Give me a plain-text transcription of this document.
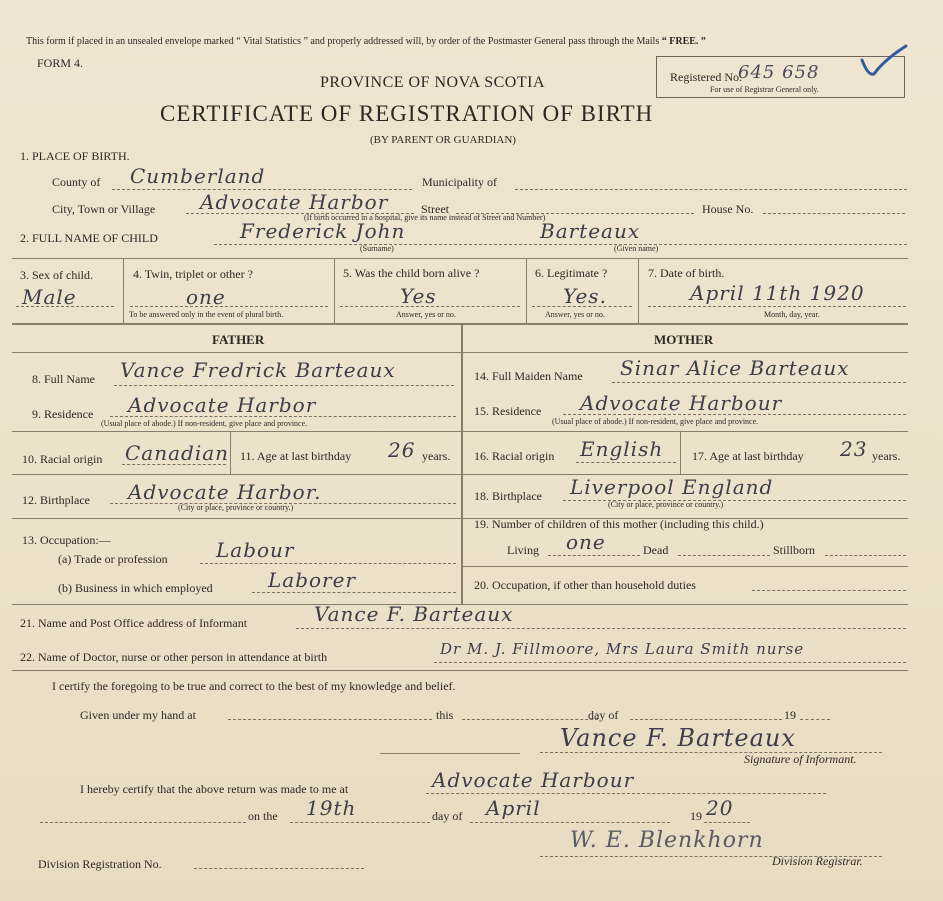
This form if placed in an unsealed envelope marked “ Vital Statistics ” and properly addressed will, by order of the Postmaster General pass through the Mails “ FREE. ”
FORM 4.
PROVINCE OF NOVA SCOTIA
CERTIFICATE OF REGISTRATION OF BIRTH
(BY PARENT OR GUARDIAN)
Registered No.
645 658
For use of Registrar General only.
1. PLACE OF BIRTH.
County of Cumberland	Municipality of
City, Town or Village Advocate Harbor	Street	House No.
(If birth occurred in a hospital, give its name instead of Street and Number)
2. FULL NAME OF CHILD	Frederick John	Barteaux
(Surname)	(Given name)
3. Sex of child.
Male
4. Twin, triplet or other ?
one
To be answered only in the event of plural birth.
5. Was the child born alive ?
Yes
Answer, yes or no.
6. Legitimate ?
Yes.
Answer, yes or no.
7. Date of birth.
April 11th 1920
Month, day, year.
FATHER	MOTHER
8. Full Name Vance Fredrick Barteaux
9. Residence Advocate Harbor
(Usual place of abode.) If non-resident, give place and province.
10. Racial origin Canadian 11. Age at last birthday 26 years.
12. Birthplace Advocate Harbor.
(City or place, province or country.)
13. Occupation:—
(a) Trade or profession Labour
(b) Business in which employed	Laborer
14. Full Maiden Name Sinar Alice Barteaux
15. Residence Advocate Harbour
(Usual place of abode.) If non-resident, give place and province.
16. Racial origin English 17. Age at last birthday 23 years.
18. Birthplace Liverpool England
(City or place, province or country.)
19. Number of children of this mother (including this child.)
Living one	Dead	Stillborn
20. Occupation, if other than household duties
21. Name and Post Office address of Informant	Vance F. Barteaux
22. Name of Doctor, nurse or other person in attendance at birth	Dr M. J. Fillmoore, Mrs Laura Smith nurse
I certify the foregoing to be true and correct to the best of my knowledge and belief.
Given under my hand at	this	day of	19
Vance F. Barteaux
Signature of Informant.
I hereby certify that the above return was made to me at	Advocate Harbour
on the 19th	day of April	19 20
W. E. Blenkhorn
Division Registration No.	Division Registrar.
